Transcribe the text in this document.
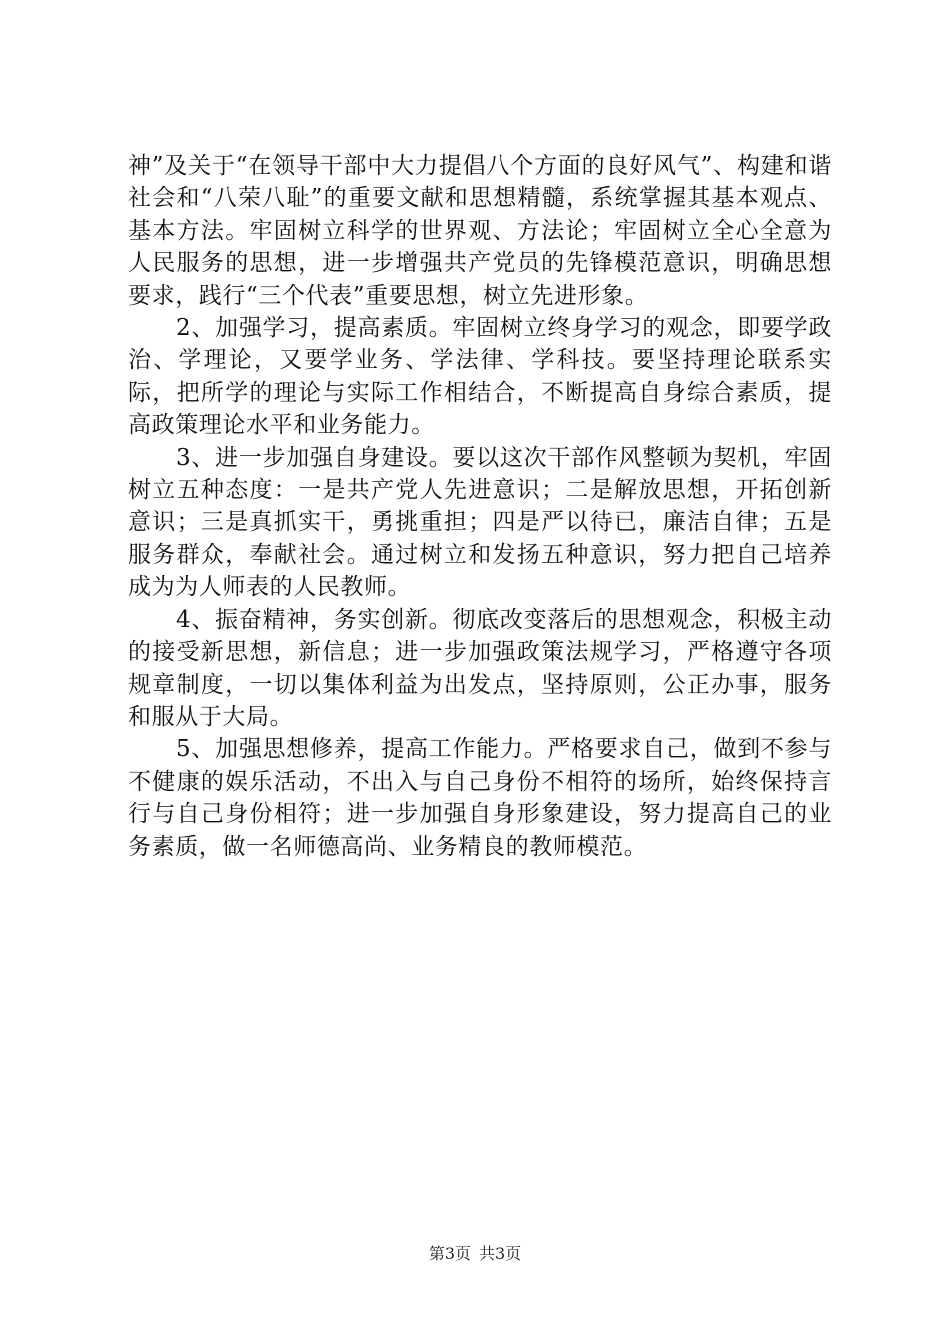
神”及关于“在领导干部中大力提倡八个方面的良好风气”、构建和谐社会和“八荣八耻”的重要文献和思想精髓，系统掌握其基本观点、基本方法。牢固树立科学的世界观、方法论；牢固树立全心全意为人民服务的思想，进一步增强共产党员的先锋模范意识，明确思想要求，践行“三个代表”重要思想，树立先进形象。

2、加强学习，提高素质。牢固树立终身学习的观念，即要学政治、学理论，又要学业务、学法律、学科技。要坚持理论联系实际，把所学的理论与实际工作相结合，不断提高自身综合素质，提高政策理论水平和业务能力。

3、进一步加强自身建设。要以这次干部作风整顿为契机，牢固树立五种态度：一是共产党人先进意识；二是解放思想，开拓创新意识；三是真抓实干，勇挑重担；四是严以待已，廉洁自律；五是服务群众，奉献社会。通过树立和发扬五种意识，努力把自己培养成为为人师表的人民教师。

4、振奋精神，务实创新。彻底改变落后的思想观念，积极主动的接受新思想，新信息；进一步加强政策法规学习，严格遵守各项规章制度，一切以集体利益为出发点，坚持原则，公正办事，服务和服从于大局。

5、加强思想修养，提高工作能力。严格要求自己，做到不参与不健康的娱乐活动，不出入与自己身份不相符的场所，始终保持言行与自己身份相符；进一步加强自身形象建设，努力提高自己的业务素质，做一名师德高尚、业务精良的教师模范。

第3页 共3页
